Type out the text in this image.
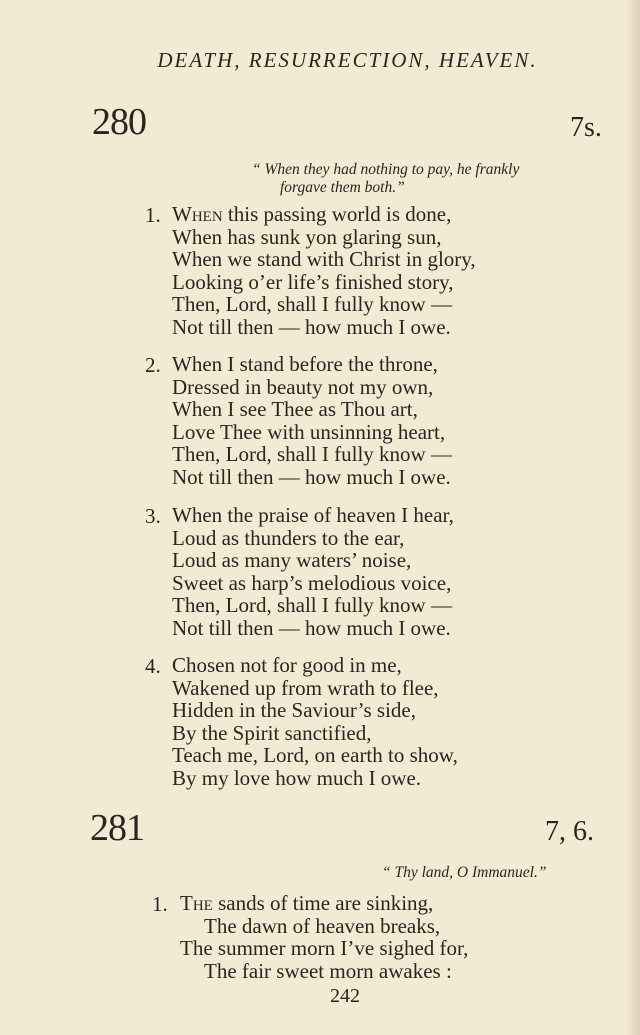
DEATH, RESURRECTION, HEAVEN.
280	7s.
“ When they had nothing to pay, he frankly
forgave them both.”
1. When this passing world is done,
When has sunk yon glaring sun,
When we stand with Christ in glory,
Looking o’er life’s finished story,
Then, Lord, shall I fully know —
Not till then — how much I owe.
2. When I stand before the throne,
Dressed in beauty not my own,
When I see Thee as Thou art,
Love Thee with unsinning heart,
Then, Lord, shall I fully know —
Not till then — how much I owe.
3. When the praise of heaven I hear,
Loud as thunders to the ear,
Loud as many waters’ noise,
Sweet as harp’s melodious voice,
Then, Lord, shall I fully know —
Not till then — how much I owe.
4. Chosen not for good in me,
Wakened up from wrath to flee,
Hidden in the Saviour’s side,
By the Spirit sanctified,
Teach me, Lord, on earth to show,
By my love how much I owe.
281	7, 6.
“ Thy land, O Immanuel.”
1. The sands of time are sinking,
The dawn of heaven breaks,
The summer morn I’ve sighed for,
The fair sweet morn awakes :
242
